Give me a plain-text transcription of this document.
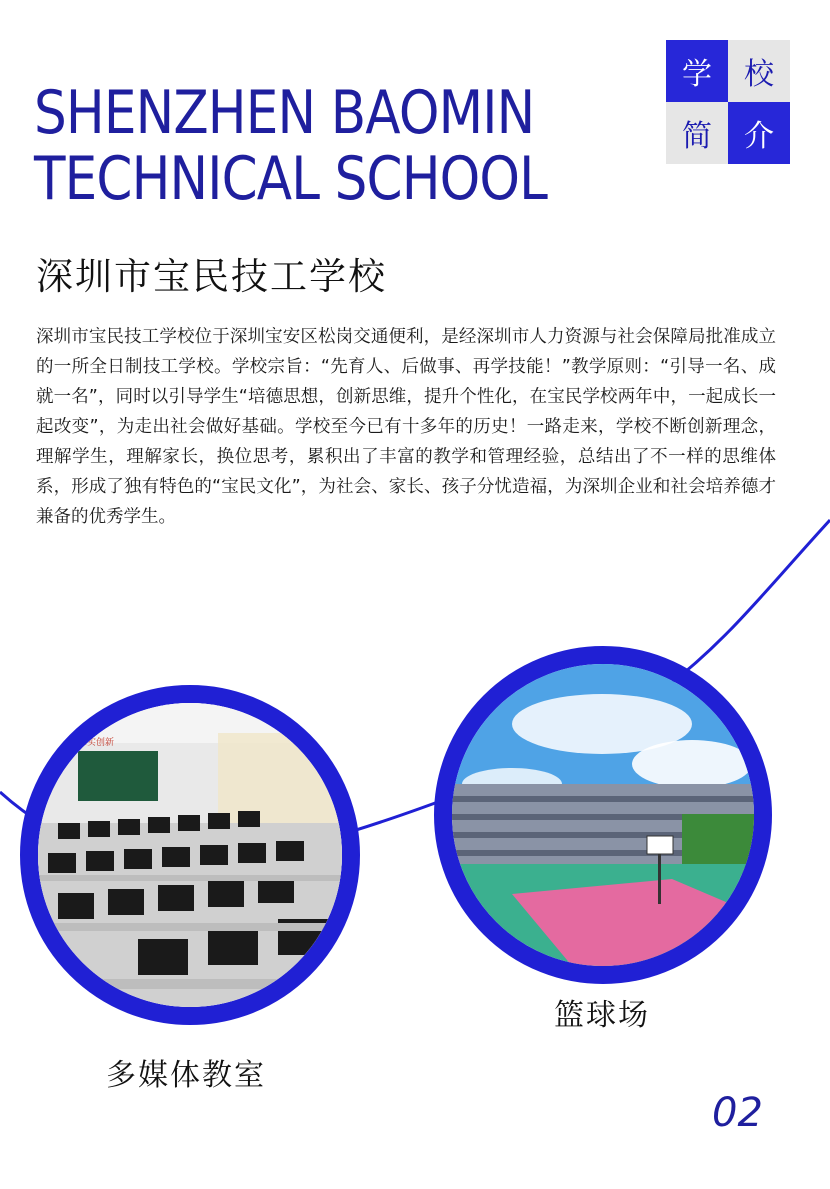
学	校
简	介
SHENZHEN BAOMIN
TECHNICAL SCHOOL
深圳市宝民技工学校
深圳市宝民技工学校位于深圳宝安区松岗交通便利，是经深圳市人力资源与社会保障局批准成立的一所全日制技工学校。学校宗旨：“先育人、后做事、再学技能！”教学原则：“引导一名、成就一名”，同时以引导学生“培德思想，创新思维，提升个性化，在宝民学校两年中，一起成长一起改变”，为走出社会做好基础。学校至今已有十多年的历史！一路走来，学校不断创新理念，理解学生，理解家长，换位思考，累积出了丰富的教学和管理经验，总结出了不一样的思维体系，形成了独有特色的“宝民文化”，为社会、家长、孩子分忧造福，为深圳企业和社会培养德才兼备的优秀学生。
求实创新
多媒体教室
篮球场
02
